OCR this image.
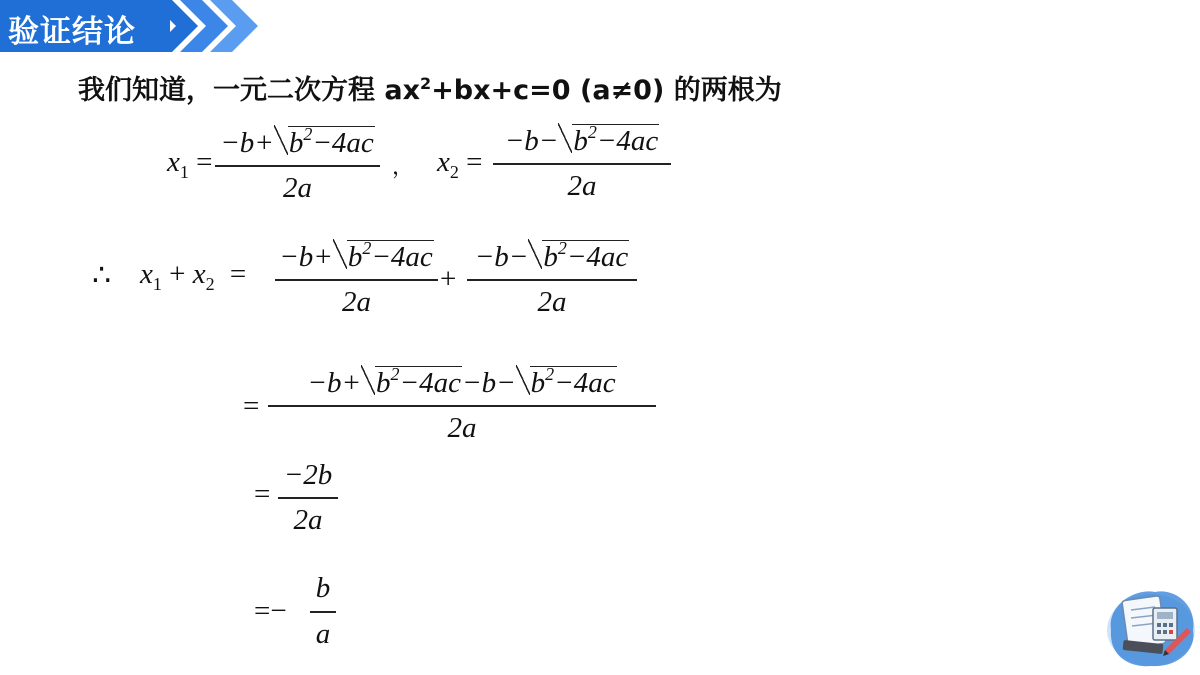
验证结论
我们知道，一元二次方程 $ax^2+bx+c=0$ (a≠0) 的两根为
$x_1$ =
$-b+ b^2-4ac$
2a
， $x_2$ =
$-b- b^2-4ac$
2a
∴ $x_1 + x_2$ =
$-b+ b^2-4ac$
2a
+
$-b- b^2-4ac$
2a
=
$-b+ b^2-4ac-b- b^2-4ac$
2a
=
−2b
2a
=−
b
a
